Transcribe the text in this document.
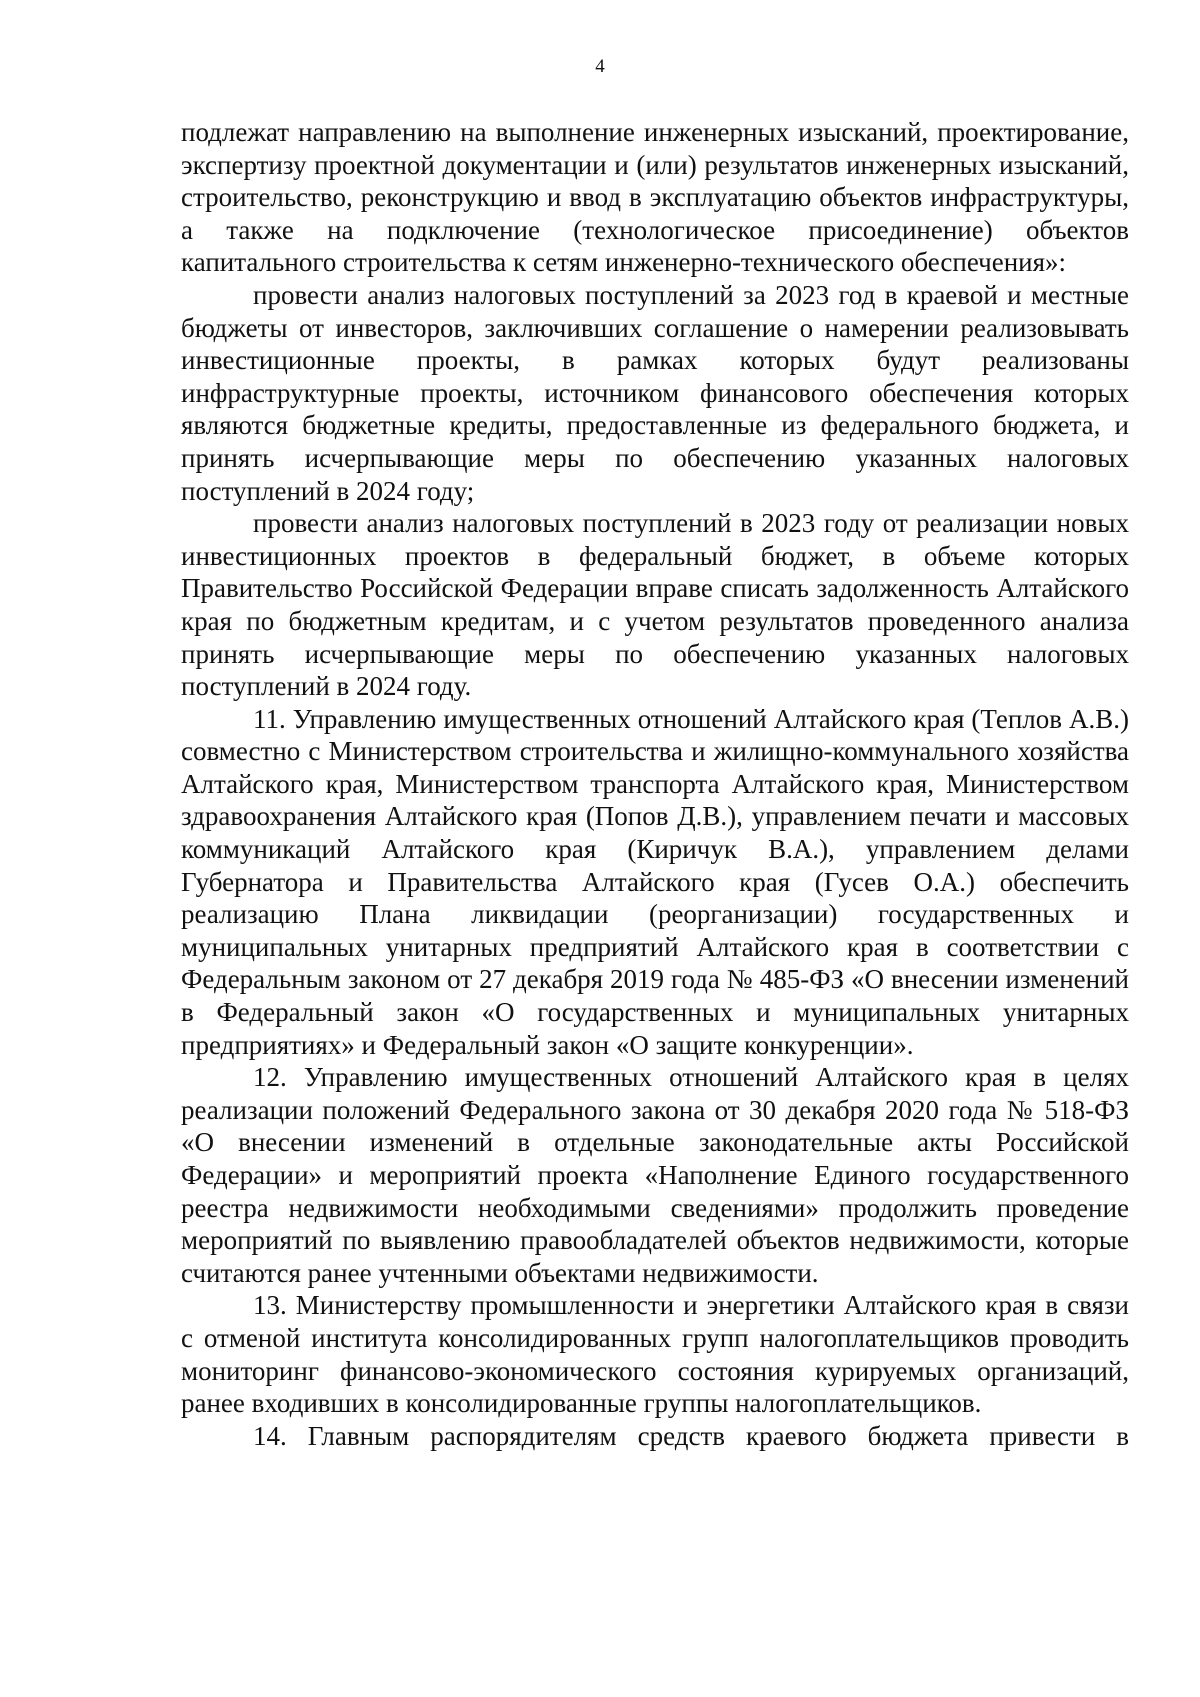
4

подлежат направлению на выполнение инженерных изысканий, проектирование, экспертизу проектной документации и (или) результатов инженерных изысканий, строительство, реконструкцию и ввод в эксплуатацию объектов инфраструктуры, а также на подключение (технологическое присоединение) объектов капитального строительства к сетям инженерно-технического обеспечения»:

провести анализ налоговых поступлений за 2023 год в краевой и местные бюджеты от инвесторов, заключивших соглашение о намерении реализовывать инвестиционные проекты, в рамках которых будут реализованы инфраструктурные проекты, источником финансового обеспечения которых являются бюджетные кредиты, предоставленные из федерального бюджета, и принять исчерпывающие меры по обеспечению указанных налоговых поступлений в 2024 году;

провести анализ налоговых поступлений в 2023 году от реализации новых инвестиционных проектов в федеральный бюджет, в объеме которых Правительство Российской Федерации вправе списать задолженность Алтайского края по бюджетным кредитам, и с учетом результатов проведенного анализа принять исчерпывающие меры по обеспечению указанных налоговых поступлений в 2024 году.

11. Управлению имущественных отношений Алтайского края (Теплов А.В.) совместно с Министерством строительства и жилищно-коммунального хозяйства Алтайского края, Министерством транспорта Алтайского края, Министерством здравоохранения Алтайского края (Попов Д.В.), управлением печати и массовых коммуникаций Алтайского края (Киричук В.А.), управлением делами Губернатора и Правительства Алтайского края (Гусев О.А.) обеспечить реализацию Плана ликвидации (реорганизации) государственных и муниципальных унитарных предприятий Алтайского края в соответствии с Федеральным законом от 27 декабря 2019 года № 485-ФЗ «О внесении изменений в Федеральный закон «О государственных и муниципальных унитарных предприятиях» и Федеральный закон «О защите конкуренции».

12. Управлению имущественных отношений Алтайского края в целях реализации положений Федерального закона от 30 декабря 2020 года № 518-ФЗ «О внесении изменений в отдельные законодательные акты Российской Федерации» и мероприятий проекта «Наполнение Единого государственного реестра недвижимости необходимыми сведениями» продолжить проведение мероприятий по выявлению правообладателей объектов недвижимости, которые считаются ранее учтенными объектами недвижимости.

13. Министерству промышленности и энергетики Алтайского края в связи с отменой института консолидированных групп налогоплательщиков проводить мониторинг финансово-экономического состояния курируемых организаций, ранее входивших в консолидированные группы налогоплательщиков.

14. Главным распорядителям средств краевого бюджета привести в
